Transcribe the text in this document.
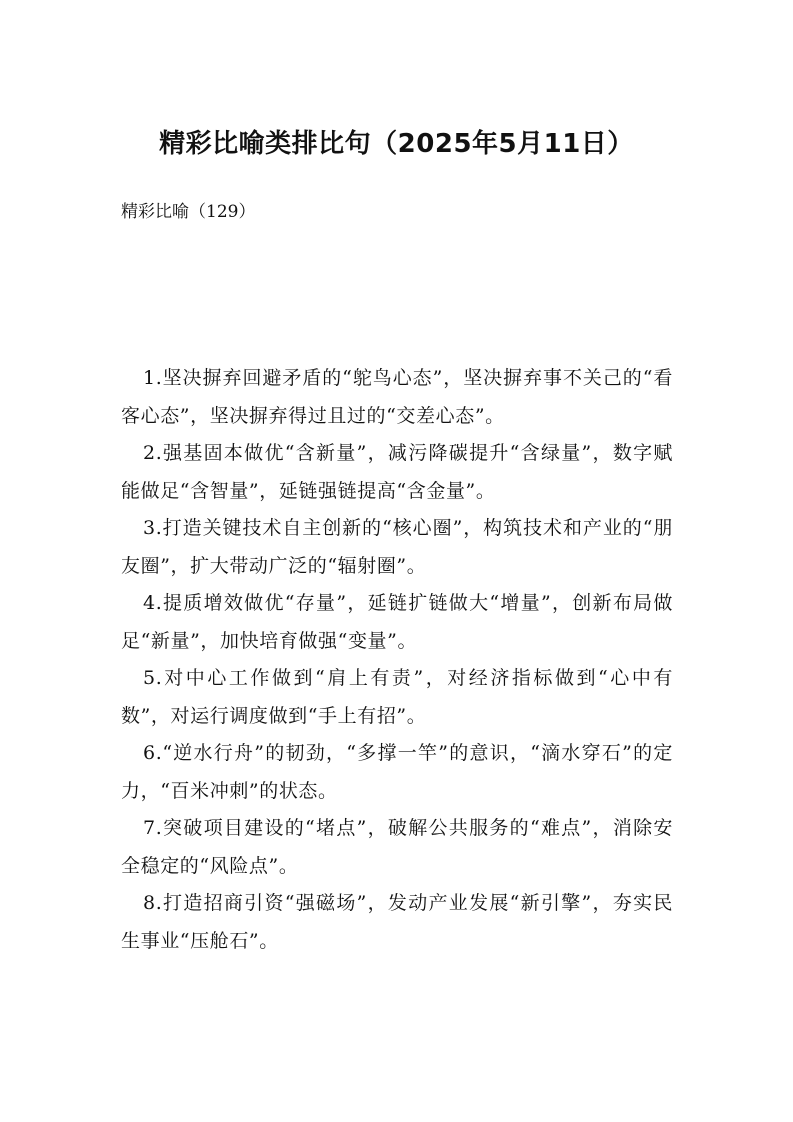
精彩比喻类排比句（2025年5月11日）

精彩比喻（129）

1.坚决摒弃回避矛盾的“鸵鸟心态”，坚决摒弃事不关己的“看客心态”，坚决摒弃得过且过的“交差心态”。

2.强基固本做优“含新量”，减污降碳提升“含绿量”，数字赋能做足“含智量”，延链强链提高“含金量”。

3.打造关键技术自主创新的“核心圈”，构筑技术和产业的“朋友圈”，扩大带动广泛的“辐射圈”。

4.提质增效做优“存量”，延链扩链做大“增量”，创新布局做足“新量”，加快培育做强“变量”。

5.对中心工作做到“肩上有责”，对经济指标做到“心中有数”，对运行调度做到“手上有招”。

6.“逆水行舟”的韧劲，“多撑一竿”的意识，“滴水穿石”的定力，“百米冲刺”的状态。

7.突破项目建设的“堵点”，破解公共服务的“难点”，消除安全稳定的“风险点”。

8.打造招商引资“强磁场”，发动产业发展“新引擎”，夯实民生事业“压舱石”。
